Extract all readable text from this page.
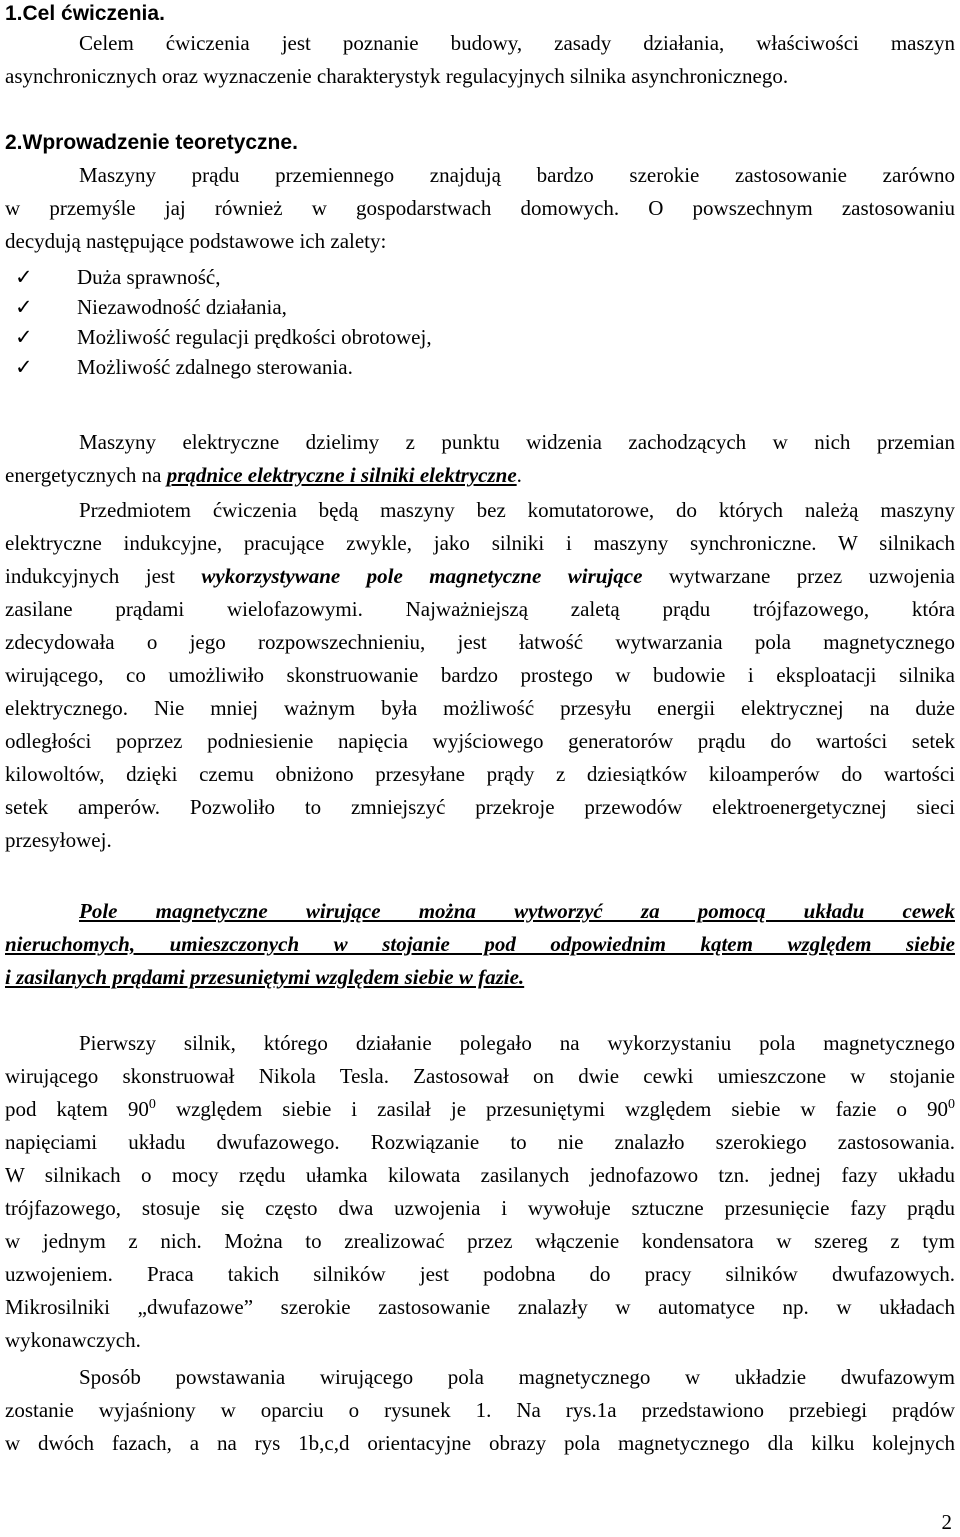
1.Cel ćwiczenia.
Celem ćwiczenia jest poznanie budowy, zasady działania, właściwości maszyn
asynchronicznych oraz wyznaczenie charakterystyk regulacyjnych silnika asynchronicznego.
2.Wprowadzenie teoretyczne.
Maszyny prądu przemiennego znajdują bardzo szerokie zastosowanie zarówno
w przemyśle jaj również w gospodarstwach domowych. O powszechnym zastosowaniu
decydują następujące podstawowe ich zalety:
✓	Duża sprawność,
✓	Niezawodność działania,
✓	Możliwość regulacji prędkości obrotowej,
✓	Możliwość zdalnego sterowania.
Maszyny elektryczne dzielimy z punktu widzenia zachodzących w nich przemian
energetycznych na prądnice elektryczne i silniki elektryczne.
Przedmiotem ćwiczenia będą maszyny bez komutatorowe, do których należą maszyny
elektryczne indukcyjne, pracujące zwykle, jako silniki i maszyny synchroniczne. W silnikach
indukcyjnych jest wykorzystywane pole magnetyczne wirujące wytwarzane przez uzwojenia
zasilane prądami wielofazowymi. Najważniejszą zaletą prądu trójfazowego, która
zdecydowała o jego rozpowszechnieniu, jest łatwość wytwarzania pola magnetycznego
wirującego, co umożliwiło skonstruowanie bardzo prostego w budowie i eksploatacji silnika
elektrycznego. Nie mniej ważnym była możliwość przesyłu energii elektrycznej na duże
odległości poprzez podniesienie napięcia wyjściowego generatorów prądu do wartości setek
kilowoltów, dzięki czemu obniżono przesyłane prądy z dziesiątków kiloamperów do wartości
setek amperów. Pozwoliło to zmniejszyć przekroje przewodów elektroenergetycznej sieci
przesyłowej.
Pole magnetyczne wirujące można wytworzyć za pomocą układu cewek
nieruchomych, umieszczonych w stojanie pod odpowiednim kątem względem siebie
i zasilanych prądami przesuniętymi względem siebie w fazie.
Pierwszy silnik, którego działanie polegało na wykorzystaniu pola magnetycznego
wirującego skonstruował Nikola Tesla. Zastosował on dwie cewki umieszczone w stojanie
pod kątem $90^0$ względem siebie i zasilał je przesuniętymi względem siebie w fazie o $90^0$
napięciami układu dwufazowego. Rozwiązanie to nie znalazło szerokiego zastosowania.
W silnikach o mocy rzędu ułamka kilowata zasilanych jednofazowo tzn. jednej fazy układu
trójfazowego, stosuje się często dwa uzwojenia i wywołuje sztuczne przesunięcie fazy prądu
w jednym z nich. Można to zrealizować przez włączenie kondensatora w szereg z tym
uzwojeniem. Praca takich silników jest podobna do pracy silników dwufazowych.
Mikrosilniki „dwufazowe” szerokie zastosowanie znalazły w automatyce np. w układach
wykonawczych.
Sposób powstawania wirującego pola magnetycznego w układzie dwufazowym
zostanie wyjaśniony w oparciu o rysunek 1. Na rys.1a przedstawiono przebiegi prądów
w dwóch fazach, a na rys 1b,c,d orientacyjne obrazy pola magnetycznego dla kilku kolejnych
2
